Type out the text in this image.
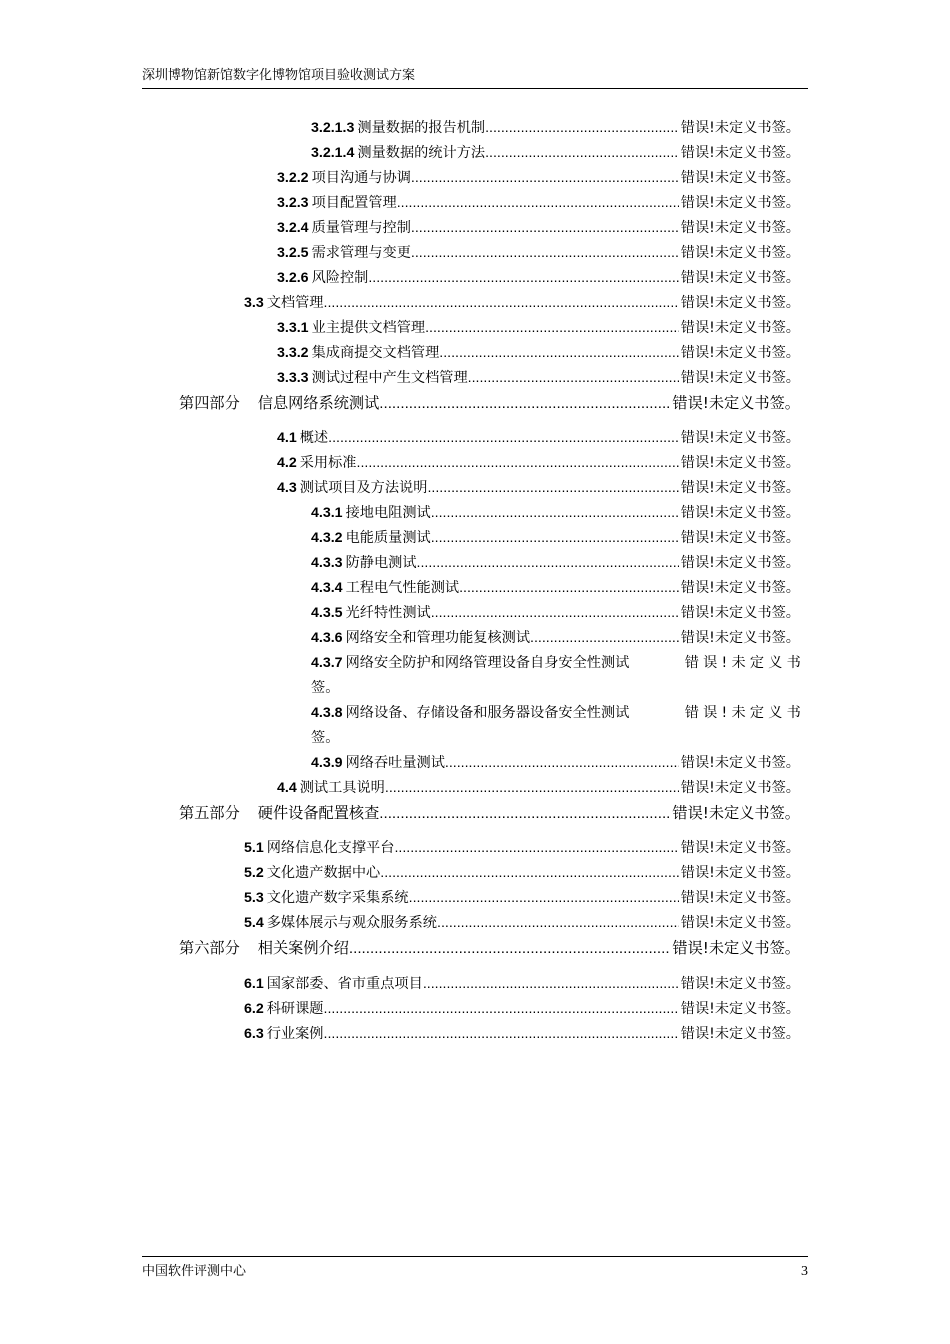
深圳博物馆新馆数字化博物馆项目验收测试方案
3.2.1.3 测量数据的报告机制 .....	错误!未定义书签。
3.2.1.4 测量数据的统计方法 .....	错误!未定义书签。
3.2.2 项目沟通与协调 .....	错误!未定义书签。
3.2.3 项目配置管理 .....	错误!未定义书签。
3.2.4 质量管理与控制 .....	错误!未定义书签。
3.2.5 需求管理与变更 .....	错误!未定义书签。
3.2.6 风险控制 .....	错误!未定义书签。
3.3 文档管理 .....	错误!未定义书签。
3.3.1 业主提供文档管理 .....	错误!未定义书签。
3.3.2 集成商提交文档管理 .....	错误!未定义书签。
3.3.3 测试过程中产生文档管理 .....	错误!未定义书签。
第四部分 信息网络系统测试 .....	错误!未定义书签。
4.1 概述 .....	错误!未定义书签。
4.2 采用标准 .....	错误!未定义书签。
4.3 测试项目及方法说明 .....	错误!未定义书签。
4.3.1 接地电阻测试 .....	错误!未定义书签。
4.3.2 电能质量测试 .....	错误!未定义书签。
4.3.3 防静电测试 .....	错误!未定义书签。
4.3.4 工程电气性能测试 .....	错误!未定义书签。
4.3.5 光纤特性测试 .....	错误!未定义书签。
4.3.6 网络安全和管理功能复核测试 .....	错误!未定义书签。
4.3.7 网络安全防护和网络管理设备自身安全性测试	错误!未定义书
签。
4.3.8 网络设备、存储设备和服务器设备安全性测试	错误!未定义书
签。
4.3.9 网络吞吐量测试 .....	错误!未定义书签。
4.4 测试工具说明 .....	错误!未定义书签。
第五部分 硬件设备配置核查 .....	错误!未定义书签。
5.1 网络信息化支撑平台 .....	错误!未定义书签。
5.2 文化遗产数据中心 .....	错误!未定义书签。
5.3 文化遗产数字采集系统 .....	错误!未定义书签。
5.4 多媒体展示与观众服务系统 .....	错误!未定义书签。
第六部分 相关案例介绍 .....	错误!未定义书签。
6.1 国家部委、省市重点项目 .....	错误!未定义书签。
6.2 科研课题 .....	错误!未定义书签。
6.3 行业案例 .....	错误!未定义书签。
中国软件评测中心	3
